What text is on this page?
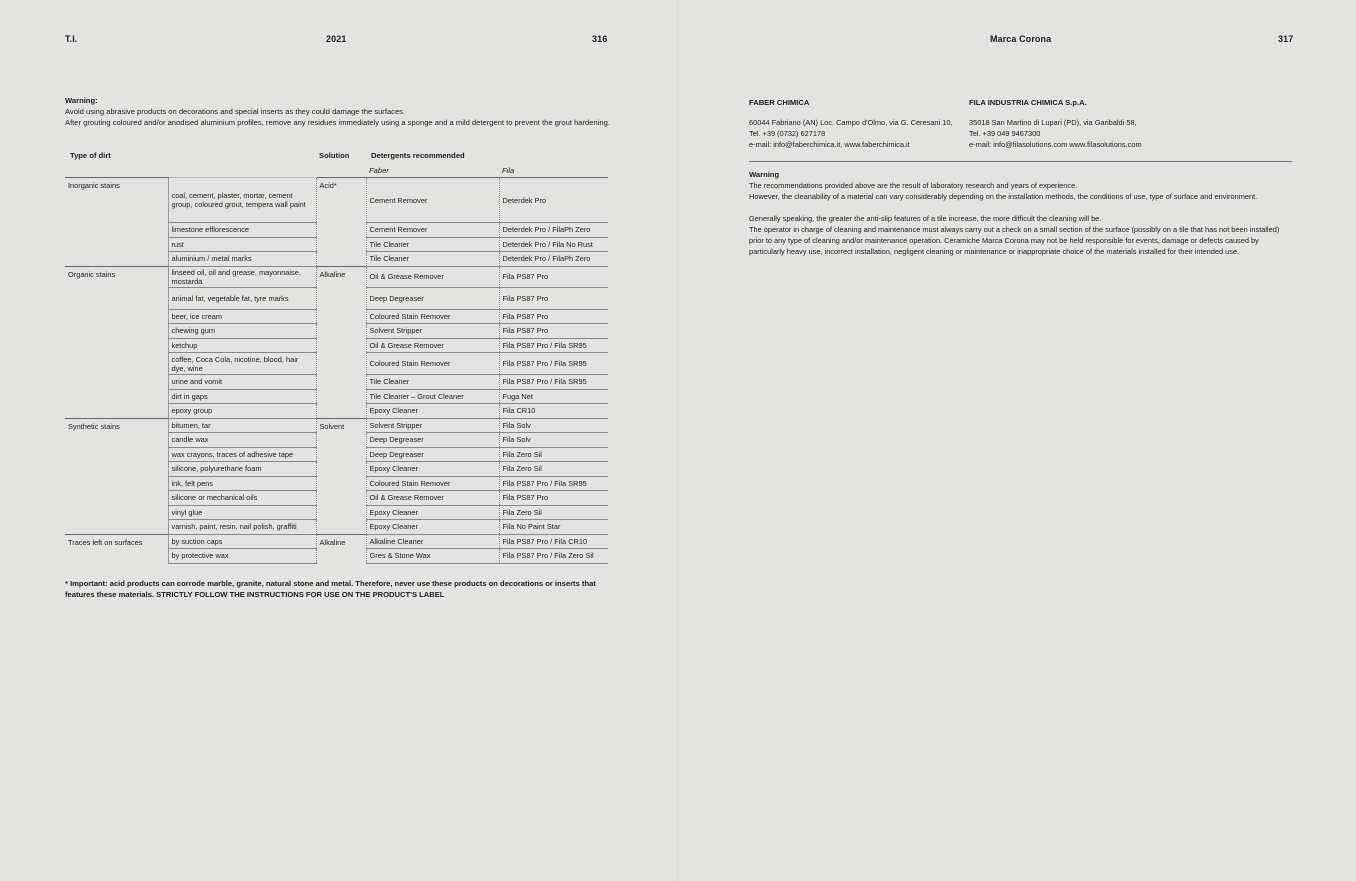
T.I.	2021	316
Warning:
Avoid using abrasive products on decorations and special inserts as they could damage the surfaces.
After grouting coloured and/or anodised aluminium profiles, remove any residues immediately using a sponge and a mild detergent to prevent the grout hardening.
Type of dirt		Solution	Detergents recommended	
			Faber	Fila
Inorganic stains	coal, cement, plaster, mortar, cement group, coloured grout, tempera wall paint	Acid*	Cement Remover	Deterdek Pro
	limestone efflorescence		Cement Remover	Deterdek Pro / FilaPh Zero
	rust		Tile Cleaner	Deterdek Pro / Fila No Rust
	aluminium / metal marks		Tile Cleaner	Deterdek Pro / FilaPh Zero
Organic stains	linseed oil, oil and grease, mayonnaise, mostarda	Alkaline	Oil & Grease Remover	Fila PS87 Pro
	animal fat, vegetable fat, tyre marks		Deep Degreaser	Fila PS87 Pro
	beer, ice cream		Coloured Stain Remover	Fila PS87 Pro
	chewing gum		Solvent Stripper	Fila PS87 Pro
	ketchup		Oil & Grease Remover	Fila PS87 Pro / Fila SR95
	coffee, Coca Cola, nicotine, blood, hair dye, wine		Coloured Stain Remover	Fila PS87 Pro / Fila SR95
	urine and vomit		Tile Cleaner	Fila PS87 Pro / Fila SR95
	dirt in gaps		Tile Cleaner – Grout Cleaner	Fuga Net
	epoxy group		Epoxy Cleaner	Fila CR10
Synthetic stains	bitumen, tar	Solvent	Solvent Stripper	Fila Solv
	candle wax		Deep Degreaser	Fila Solv
	wax crayons, traces of adhesive tape		Deep Degreaser	Fila Zero Sil
	silicone, polyurethane foam		Epoxy Cleaner	Fila Zero Sil
	ink, felt pens		Coloured Stain Remover	Fila PS87 Pro / Fila SR95
	silicone or mechanical oils		Oil & Grease Remover	Fila PS87 Pro
	vinyl glue		Epoxy Cleaner	Fila Zero Sil
	varnish, paint, resin, nail polish, graffiti		Epoxy Cleaner	Fila No Paint Star
Traces left on surfaces	by suction caps	Alkaline	Alkaline Cleaner	Fila PS87 Pro / Fila CR10
	by protective wax		Gres & Stone Wax	Fila PS87 Pro / Fila Zero Sil
* Important: acid products can corrode marble, granite, natural stone and metal. Therefore, never use these products on decorations or inserts that features these materials. STRICTLY FOLLOW THE INSTRUCTIONS FOR USE ON THE PRODUCT'S LABEL
Marca Corona	317
FABER CHIMICA
60044 Fabriano (AN) Loc. Campo d'Olmo, via G. Ceresani 10,
Tel. +39 (0732) 627178
e-mail: info@faberchimica.it, www.faberchimica.it
FILA INDUSTRIA CHIMICA S.p.A.
35018 San Martino di Lupari (PD), via Garibaldi 58,
Tel. +39 049 9467300
e-mail: info@filasolutions.com www.filasolutions.com
Warning

The recommendations provided above are the result of laboratory research and years of experience.
However, the cleanability of a material can vary considerably depending on the installation methods, the conditions of use, type of surface and environment.

Generally speaking, the greater the anti-slip features of a tile increase, the more difficult the cleaning will be.
The operator in charge of cleaning and maintenance must always carry out a check on a small section of the surface (possibly on a tile that has not been installed) prior to any type of cleaning and/or maintenance operation. Ceramiche Marca Corona may not be held responsible for events, damage or defects caused by particularly heavy use, incorrect installation, negligent cleaning or maintenance or inappropriate choice of the materials installed for their intended use.
